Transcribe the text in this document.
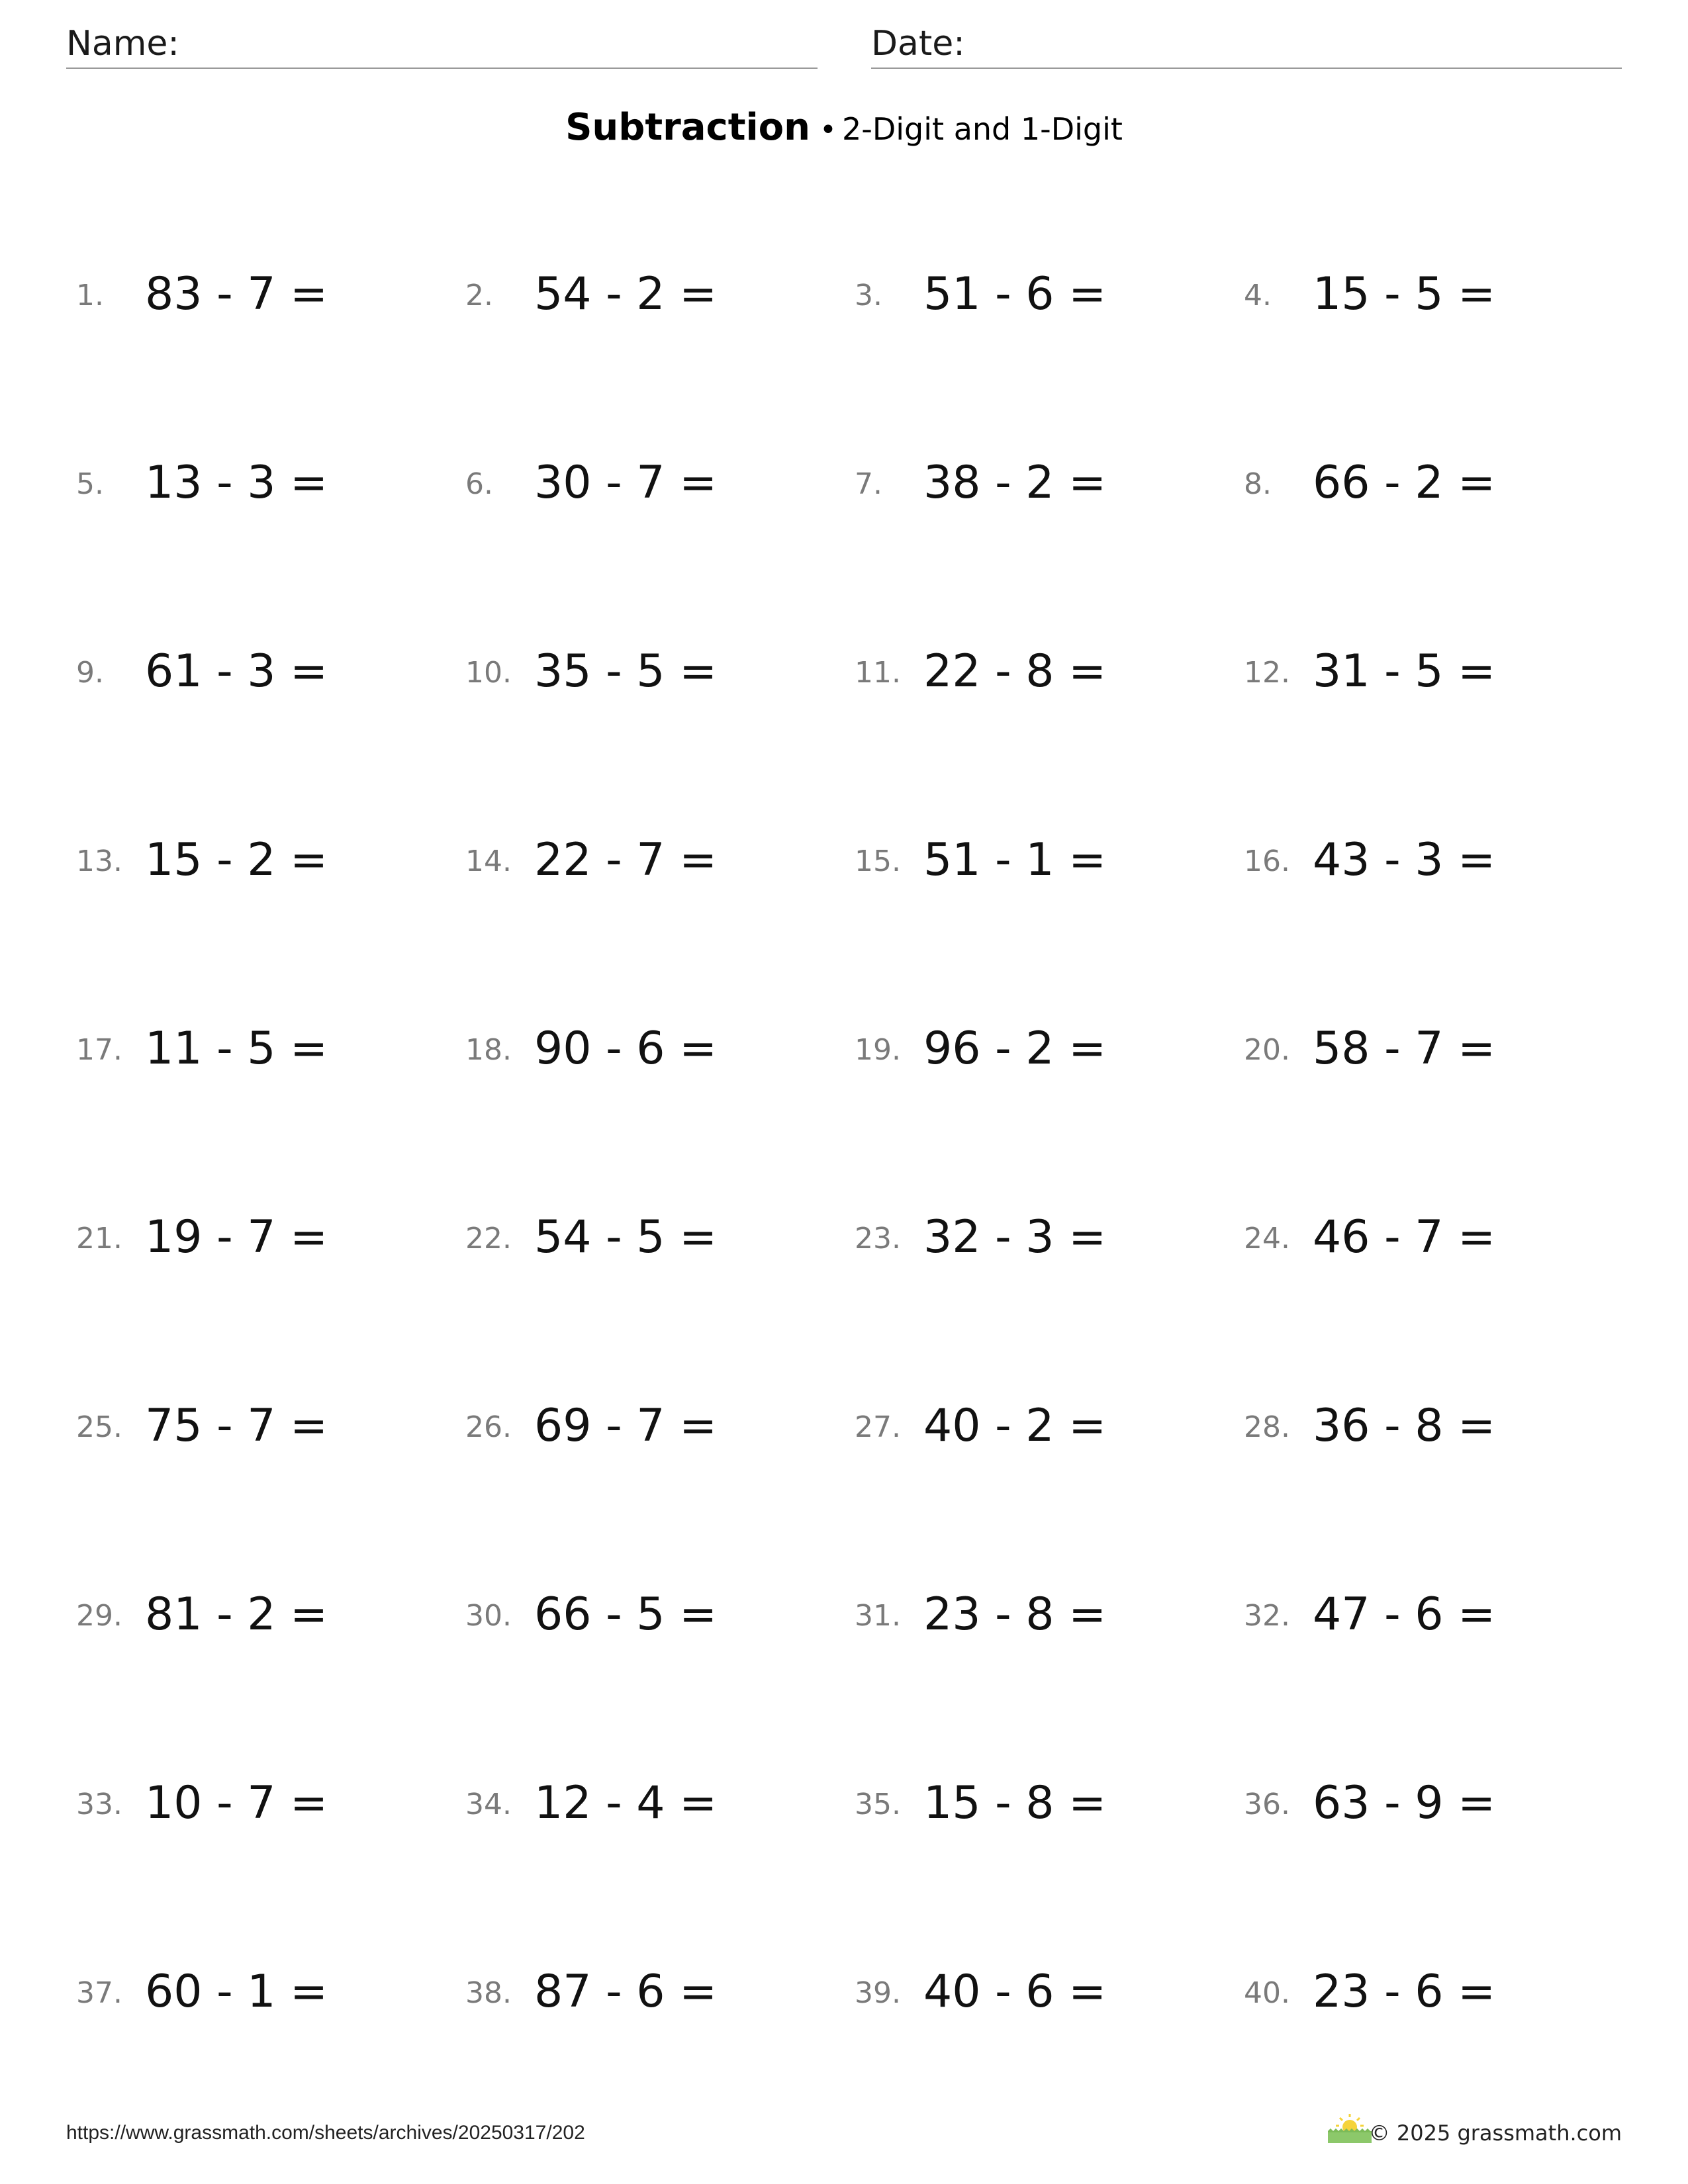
Name:	Date:
Subtraction • 2-Digit and 1-Digit
1. 83 - 7 =	2. 54 - 2 =	3. 51 - 6 =	4. 15 - 5 =
5. 13 - 3 =	6. 30 - 7 =	7. 38 - 2 =	8. 66 - 2 =
9. 61 - 3 =	10. 35 - 5 =	11. 22 - 8 =	12. 31 - 5 =
13. 15 - 2 =	14. 22 - 7 =	15. 51 - 1 =	16. 43 - 3 =
17. 11 - 5 =	18. 90 - 6 =	19. 96 - 2 =	20. 58 - 7 =
21. 19 - 7 =	22. 54 - 5 =	23. 32 - 3 =	24. 46 - 7 =
25. 75 - 7 =	26. 69 - 7 =	27. 40 - 2 =	28. 36 - 8 =
29. 81 - 2 =	30. 66 - 5 =	31. 23 - 8 =	32. 47 - 6 =
33. 10 - 7 =	34. 12 - 4 =	35. 15 - 8 =	36. 63 - 9 =
37. 60 - 1 =	38. 87 - 6 =	39. 40 - 6 =	40. 23 - 6 =
https://www.grassmath.com/sheets/archives/20250317/202	© 2025 grassmath.com
